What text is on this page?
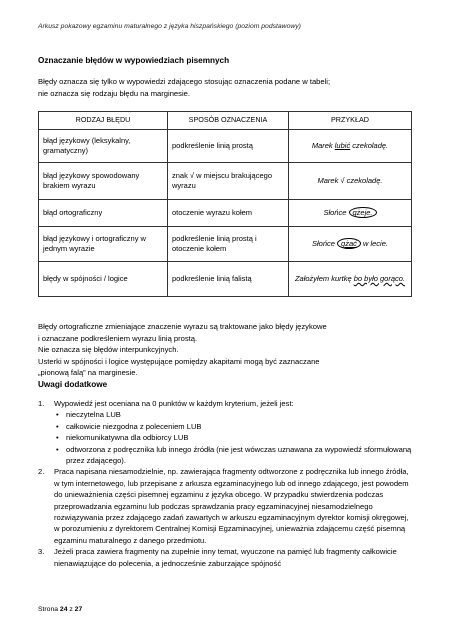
Arkusz pokazowy egzaminu maturalnego z języka hiszpańskiego (poziom podstawowy)
Oznaczanie błędów w wypowiedziach pisemnych

Błędy oznacza się tylko w wypowiedzi zdającego stosując oznaczenia podane w tabeli;

nie oznacza się rodzaju błędu na marginesie.

RODZAJ BŁĘDU	SPOSÓB OZNACZENIA	PRZYKŁAD
błąd językowy (leksykalny, gramatyczny)	podkreślenie linią prostą	Marek lubić czekoladę.
błąd językowy spowodowany brakiem wyrazu	znak √ w miejscu brakującego wyrazu	Marek √ czekoladę.
błąd ortograficzny	otoczenie wyrazu kołem	Słońce gżeje.
błąd językowy i ortograficzny w jednym wyrazie	podkreślenie linią prostą i otoczenie kołem	Słońce gżać w lecie.
błędy w spójności / logice	podkreślenie linią falistą	Założyłem kurtkę bo było gorąco.

Błędy ortograficzne zmieniające znaczenie wyrazu są traktowane jako błędy językowe

i oznaczane podkreśleniem wyrazu linią prostą.

Nie oznacza się błędów interpunkcyjnych.

Usterki w spójności i logice występujące pomiędzy akapitami mogą być zaznaczane

„pionową falą” na marginesie.

Uwagi dodatkowe
1. Wypowiedź jest oceniana na 0 punktów w każdym kryterium, jeżeli jest:
• nieczytelna LUB
• całkowicie niezgodna z poleceniem LUB
• niekomunikatywna dla odbiorcy LUB
• odtworzona z podręcznika lub innego źródła (nie jest wówczas uznawana za wypowiedź sformułowaną przez zdającego).
2. Praca napisana niesamodzielnie, np. zawierająca fragmenty odtworzone z podręcznika lub innego źródła, w tym internetowego, lub przepisane z arkusza egzaminacyjnego lub od innego zdającego, jest powodem do unieważnienia części pisemnej egzaminu z języka obcego. W przypadku stwierdzenia podczas przeprowadzania egzaminu lub podczas sprawdzania pracy egzaminacyjnej niesamodzielnego rozwiązywania przez zdającego zadań zawartych w arkuszu egzaminacyjnym dyrektor komisji okręgowej, w porozumieniu z dyrektorem Centralnej Komisji Egzaminacyjnej, unieważnia zdającemu część pisemną egzaminu maturalnego z danego przedmiotu.
3. Jeżeli praca zawiera fragmenty na zupełnie inny temat, wyuczone na pamięć lub fragmenty całkowicie nienawiązujące do polecenia, a jednocześnie zaburzające spójność
Strona 24 z 27
